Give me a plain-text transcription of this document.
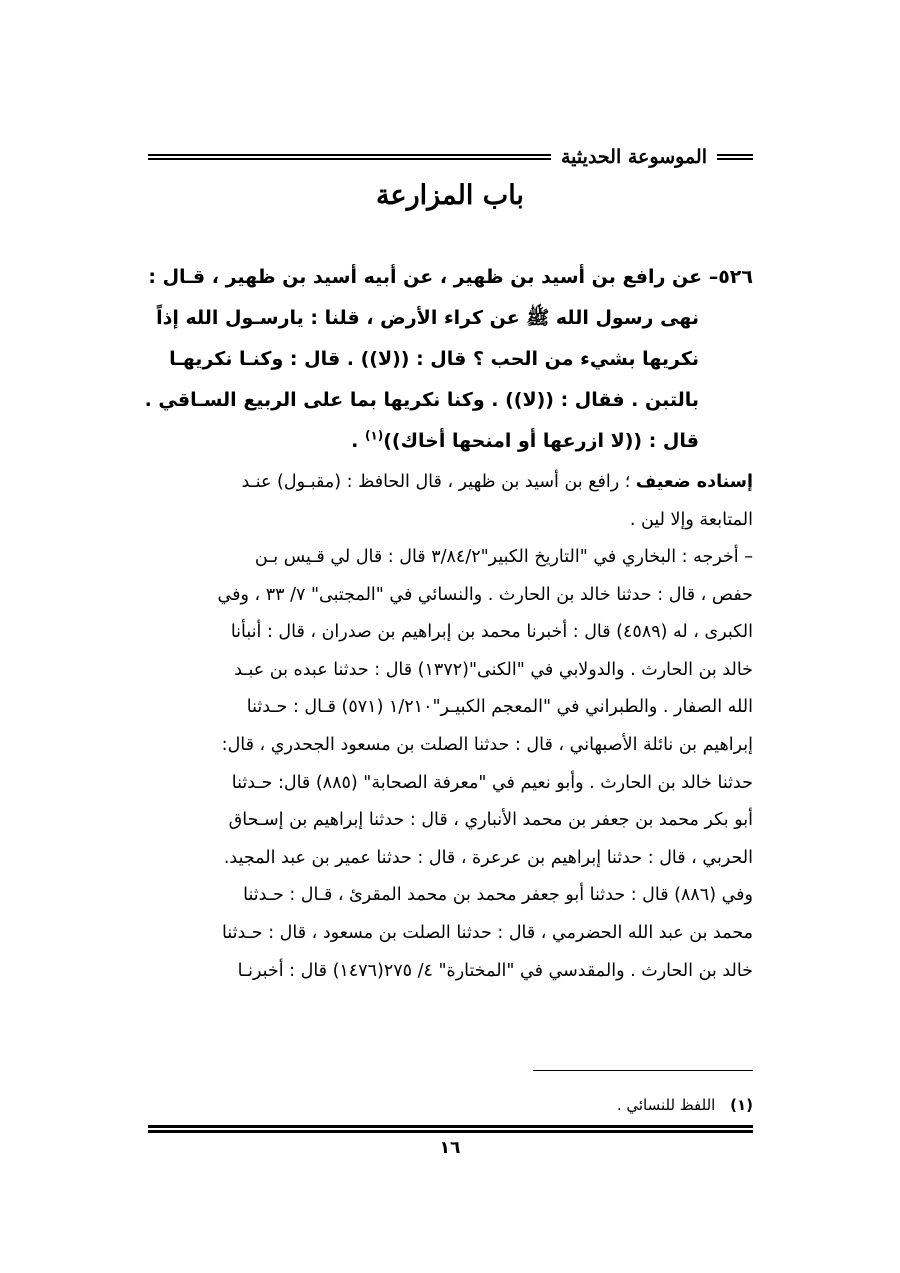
الموسوعة الحديثية
باب المزارعة

٥٢٦– عن رافع بن أسيد بن ظهير ، عن أبيه أسيد بن ظهير ، قـال :

نهى رسول الله ﷺ عن كراء الأرض ، قلنا : يارسـول الله إذاً

نكريها بشيء من الحب ؟ قال : ((لا)) . قال : وكنـا نكريهـا

بالتبن . فقال : ((لا)) . وكنا نكريها بما على الربيع السـاقي .

قال : ((لا ازرعها أو امنحها أخاك))$^{(١)}$ .

إسناده ضعيف ؛ رافع بن أسيد بن ظهير ، قال الحافظ : (مقبـول) عنـد

المتابعة وإلا لين .

– أخرجه : البخاري في "التاريخ الكبير"٣/٨٤/٢ قال : قال لي قـيس بـن

حفص ، قال : حدثنا خالد بن الحارث . والنسائي في "المجتبى" ٧/ ٣٣ ، وفي

الكبرى ، له (٤٥٨٩) قال : أخبرنا محمد بن إبراهيم بن صدران ، قال : أنبأنا

خالد بن الحارث . والدولابي في "الكنى"(١٣٧٢) قال : حدثنا عبده بن عبـد

الله الصفار . والطبراني في "المعجم الكبيـر"١/٢١٠ (٥٧١) قـال : حـدثنا

إبراهيم بن نائلة الأصبهاني ، قال : حدثنا الصلت بن مسعود الجحدري ، قال:

حدثنا خالد بن الحارث . وأبو نعيم في "معرفة الصحابة" (٨٨٥) قال: حـدثنا

أبو بكر محمد بن جعفر بن محمد الأنباري ، قال : حدثنا إبراهيم بن إسـحاق

الحربي ، قال : حدثنا إبراهيم بن عرعرة ، قال : حدثنا عمير بن عبد المجيد.

وفي (٨٨٦) قال : حدثنا أبو جعفر محمد بن محمد المقرئ ، قـال : حـدثنا

محمد بن عبد الله الحضرمي ، قال : حدثنا الصلت بن مسعود ، قال : حـدثنا

خالد بن الحارث . والمقدسي في "المختارة" ٤/ ٢٧٥(١٤٧٦) قال : أخبرنـا

(١) اللفظ للنسائي .
١٦
